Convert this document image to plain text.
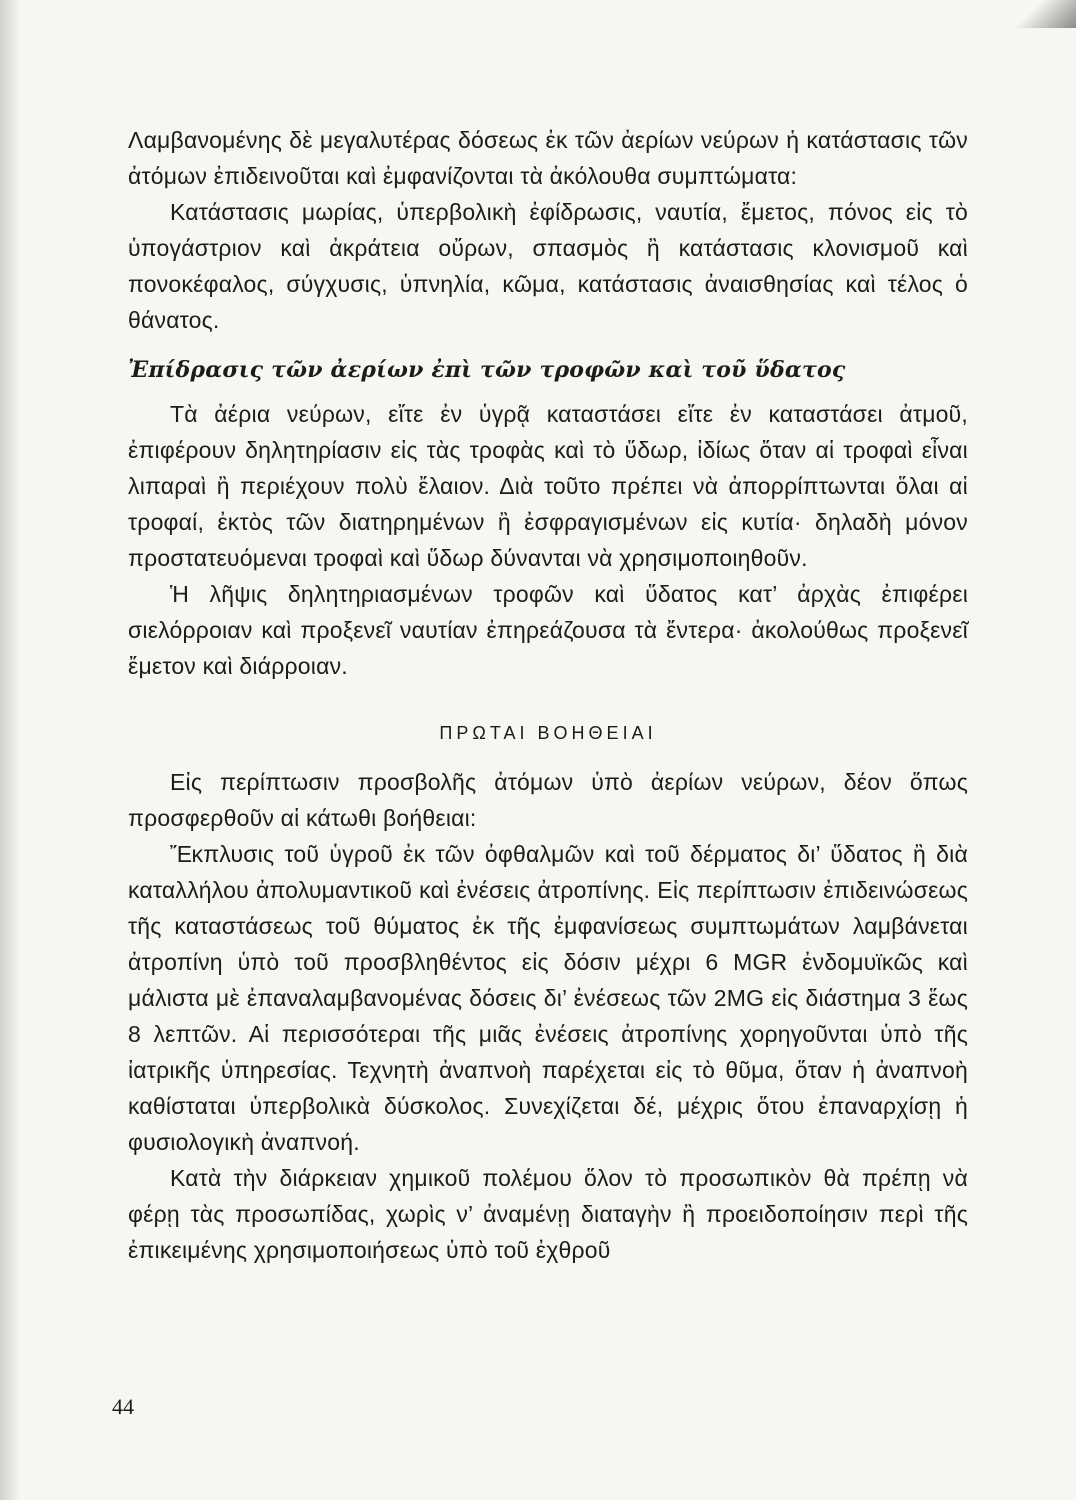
Λαμβανομένης δὲ μεγαλυτέρας δόσεως ἐκ τῶν ἀερίων νεύρων ἡ κατάστασις τῶν ἀτόμων ἐπιδεινοῦται καὶ ἐμφανίζονται τὰ ἀκόλουθα συμπτώματα:

Κατάστασις μωρίας, ὑπερβολικὴ ἐφίδρωσις, ναυτία, ἔμετος, πόνος εἰς τὸ ὑπογάστριον καὶ ἀκράτεια οὔρων, σπασμὸς ἢ κατάστασις κλονισμοῦ καὶ πονοκέφαλος, σύγχυσις, ὑπνηλία, κῶμα, κατάστασις ἀναισθησίας καὶ τέλος ὁ θάνατος.

Ἐπίδρασις τῶν ἀερίων ἐπὶ τῶν τροφῶν καὶ τοῦ ὕδατος

Τὰ ἀέρια νεύρων, εἴτε ἐν ὑγρᾷ καταστάσει εἴτε ἐν καταστάσει ἀτμοῦ, ἐπιφέρουν δηλητηρίασιν εἰς τὰς τροφὰς καὶ τὸ ὕδωρ, ἰδίως ὅταν αἱ τροφαὶ εἶναι λιπαραὶ ἢ περιέχουν πολὺ ἔλαιον. Διὰ τοῦτο πρέπει νὰ ἀπορρίπτωνται ὅλαι αἱ τροφαί, ἐκτὸς τῶν διατηρημένων ἢ ἐσφραγισμένων εἰς κυτία· δηλαδὴ μόνον προστατευόμεναι τροφαὶ καὶ ὕδωρ δύνανται νὰ χρησιμοποιηθοῦν.

Ἡ λῆψις δηλητηριασμένων τροφῶν καὶ ὕδατος κατ’ ἀρχὰς ἐπιφέρει σιελόρροιαν καὶ προξενεῖ ναυτίαν ἐπηρεάζουσα τὰ ἔντερα· ἀκολούθως προξενεῖ ἔμετον καὶ διάρροιαν.

ΠΡΩΤΑΙ ΒΟΗΘΕΙΑΙ

Εἰς περίπτωσιν προσβολῆς ἀτόμων ὑπὸ ἀερίων νεύρων, δέον ὅπως προσφερθοῦν αἱ κάτωθι βοήθειαι:

Ἔκπλυσις τοῦ ὑγροῦ ἐκ τῶν ὀφθαλμῶν καὶ τοῦ δέρματος δι’ ὕδατος ἢ διὰ καταλλήλου ἀπολυμαντικοῦ καὶ ἐνέσεις ἀτροπίνης. Εἰς περίπτωσιν ἐπιδεινώσεως τῆς καταστάσεως τοῦ θύματος ἐκ τῆς ἐμφανίσεως συμπτωμάτων λαμβάνεται ἀτροπίνη ὑπὸ τοῦ προσβληθέντος εἰς δόσιν μέχρι 6 MGR ἐνδομυϊκῶς καὶ μάλιστα μὲ ἐπαναλαμβανομένας δόσεις δι’ ἐνέσεως τῶν 2MG εἰς διάστημα 3 ἕως 8 λεπτῶν. Αἱ περισσότεραι τῆς μιᾶς ἐνέσεις ἀτροπίνης χορηγοῦνται ὑπὸ τῆς ἰατρικῆς ὑπηρεσίας. Τεχνητὴ ἀναπνοὴ παρέχεται εἰς τὸ θῦμα, ὅταν ἡ ἀναπνοὴ καθίσταται ὑπερβολικὰ δύσκολος. Συνεχίζεται δέ, μέχρις ὅτου ἐπαναρχίσῃ ἡ φυσιολογικὴ ἀναπνοή.

Κατὰ τὴν διάρκειαν χημικοῦ πολέμου ὅλον τὸ προσωπικὸν θὰ πρέπῃ νὰ φέρῃ τὰς προσωπίδας, χωρὶς ν’ ἀναμένῃ διαταγὴν ἢ προειδοποίησιν περὶ τῆς ἐπικειμένης χρησιμοποιήσεως ὑπὸ τοῦ ἐχθροῦ

44
